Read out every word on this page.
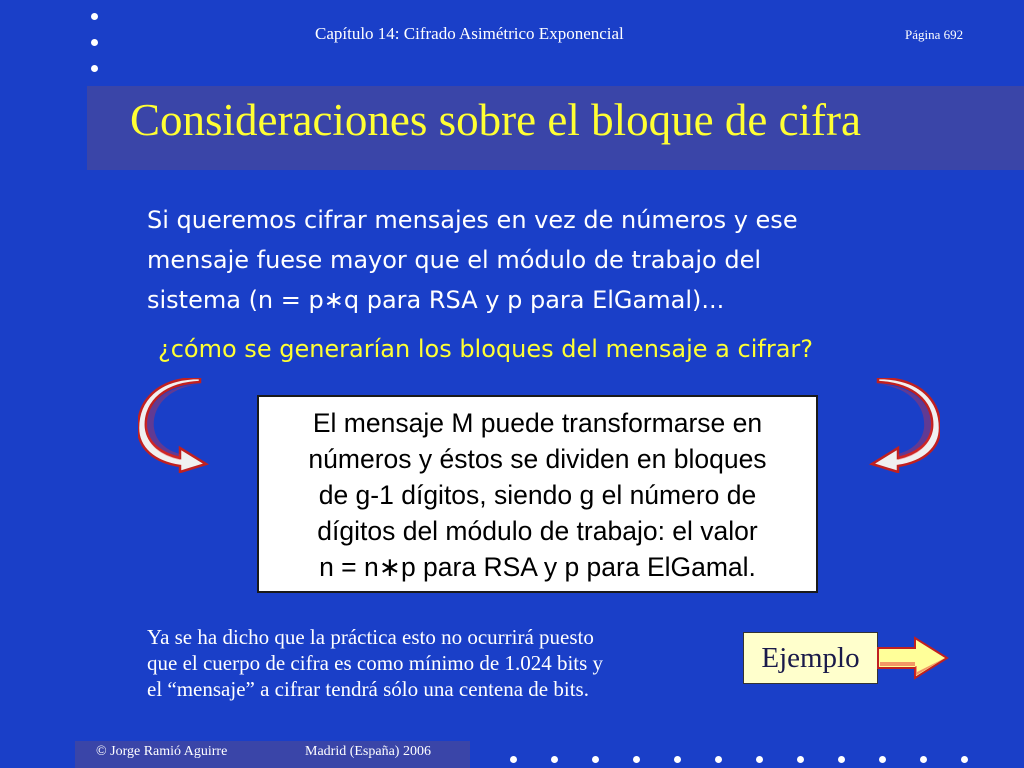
Capítulo 14: Cifrado Asimétrico Exponencial	Página 692
Consideraciones sobre el bloque de cifra
Si queremos cifrar mensajes en vez de números y ese
mensaje fuese mayor que el módulo de trabajo del
sistema (n = p∗q para RSA y p para ElGamal)...
¿cómo se generarían los bloques del mensaje a cifrar?
El mensaje M puede transformarse en
números y éstos se dividen en bloques
de g-1 dígitos, siendo g el número de
dígitos del módulo de trabajo: el valor
n = n∗p para RSA y p para ElGamal.
Ya se ha dicho que la práctica esto no ocurrirá puesto
que el cuerpo de cifra es como mínimo de 1.024 bits y
el “mensaje” a cifrar tendrá sólo una centena de bits.
Ejemplo
© Jorge Ramió Aguirre	Madrid (España) 2006
